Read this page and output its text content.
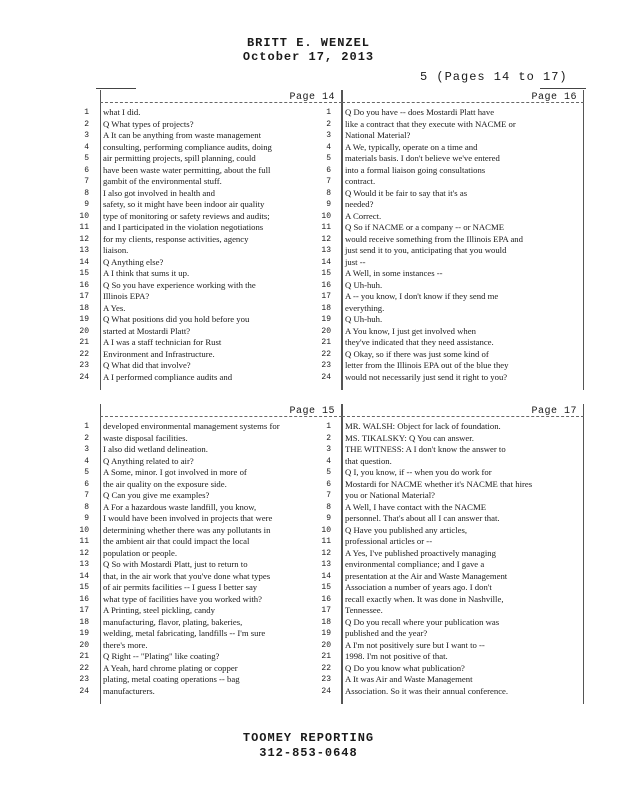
BRITT E. WENZEL
October 17, 2013
5 (Pages 14 to 17)
Page 14
1	what I did.
2	Q What types of projects?
3	A It can be anything from waste management
4	consulting, performing compliance audits, doing
5	air permitting projects, spill planning, could
6	have been waste water permitting, about the full
7	gambit of the environmental stuff.
8	I also got involved in health and
9	safety, so it might have been indoor air quality
10	type of monitoring or safety reviews and audits;
11	and I participated in the violation negotiations
12	for my clients, response activities, agency
13	liaison.
14	Q Anything else?
15	A I think that sums it up.
16	Q So you have experience working with the
17	Illinois EPA?
18	A Yes.
19	Q What positions did you hold before you
20	started at Mostardi Platt?
21	A I was a staff technician for Rust
22	Environment and Infrastructure.
23	Q What did that involve?
24	A I performed compliance audits and
Page 16
1	Q Do you have -- does Mostardi Platt have
2	like a contract that they execute with NACME or
3	National Material?
4	A We, typically, operate on a time and
5	materials basis. I don't believe we've entered
6	into a formal liaison going consultations
7	contract.
8	Q Would it be fair to say that it's as
9	needed?
10	A Correct.
11	Q So if NACME or a company -- or NACME
12	would receive something from the Illinois EPA and
13	just send it to you, anticipating that you would
14	just --
15	A Well, in some instances --
16	Q Uh-huh.
17	A -- you know, I don't know if they send me
18	everything.
19	Q Uh-huh.
20	A You know, I just get involved when
21	they've indicated that they need assistance.
22	Q Okay, so if there was just some kind of
23	letter from the Illinois EPA out of the blue they
24	would not necessarily just send it right to you?
Page 15
1	developed environmental management systems for
2	waste disposal facilities.
3	I also did wetland delineation.
4	Q Anything related to air?
5	A Some, minor. I got involved in more of
6	the air quality on the exposure side.
7	Q Can you give me examples?
8	A For a hazardous waste landfill, you know,
9	I would have been involved in projects that were
10	determining whether there was any pollutants in
11	the ambient air that could impact the local
12	population or people.
13	Q So with Mostardi Platt, just to return to
14	that, in the air work that you've done what types
15	of air permits facilities -- I guess I better say
16	what type of facilities have you worked with?
17	A Printing, steel pickling, candy
18	manufacturing, flavor, plating, bakeries,
19	welding, metal fabricating, landfills -- I'm sure
20	there's more.
21	Q Right -- "Plating" like coating?
22	A Yeah, hard chrome plating or copper
23	plating, metal coating operations -- bag
24	manufacturers.
Page 17
1	MR. WALSH: Object for lack of foundation.
2	MS. TIKALSKY: Q You can answer.
3	THE WITNESS: A I don't know the answer to
4	that question.
5	Q I, you know, if -- when you do work for
6	Mostardi for NACME whether it's NACME that hires
7	you or National Material?
8	A Well, I have contact with the NACME
9	personnel. That's about all I can answer that.
10	Q Have you published any articles,
11	professional articles or --
12	A Yes, I've published proactively managing
13	environmental compliance; and I gave a
14	presentation at the Air and Waste Management
15	Association a number of years ago. I don't
16	recall exactly when. It was done in Nashville,
17	Tennessee.
18	Q Do you recall where your publication was
19	published and the year?
20	A I'm not positively sure but I want to --
21	1998. I'm not positive of that.
22	Q Do you know what publication?
23	A It was Air and Waste Management
24	Association. So it was their annual conference.
TOOMEY REPORTING
312-853-0648
